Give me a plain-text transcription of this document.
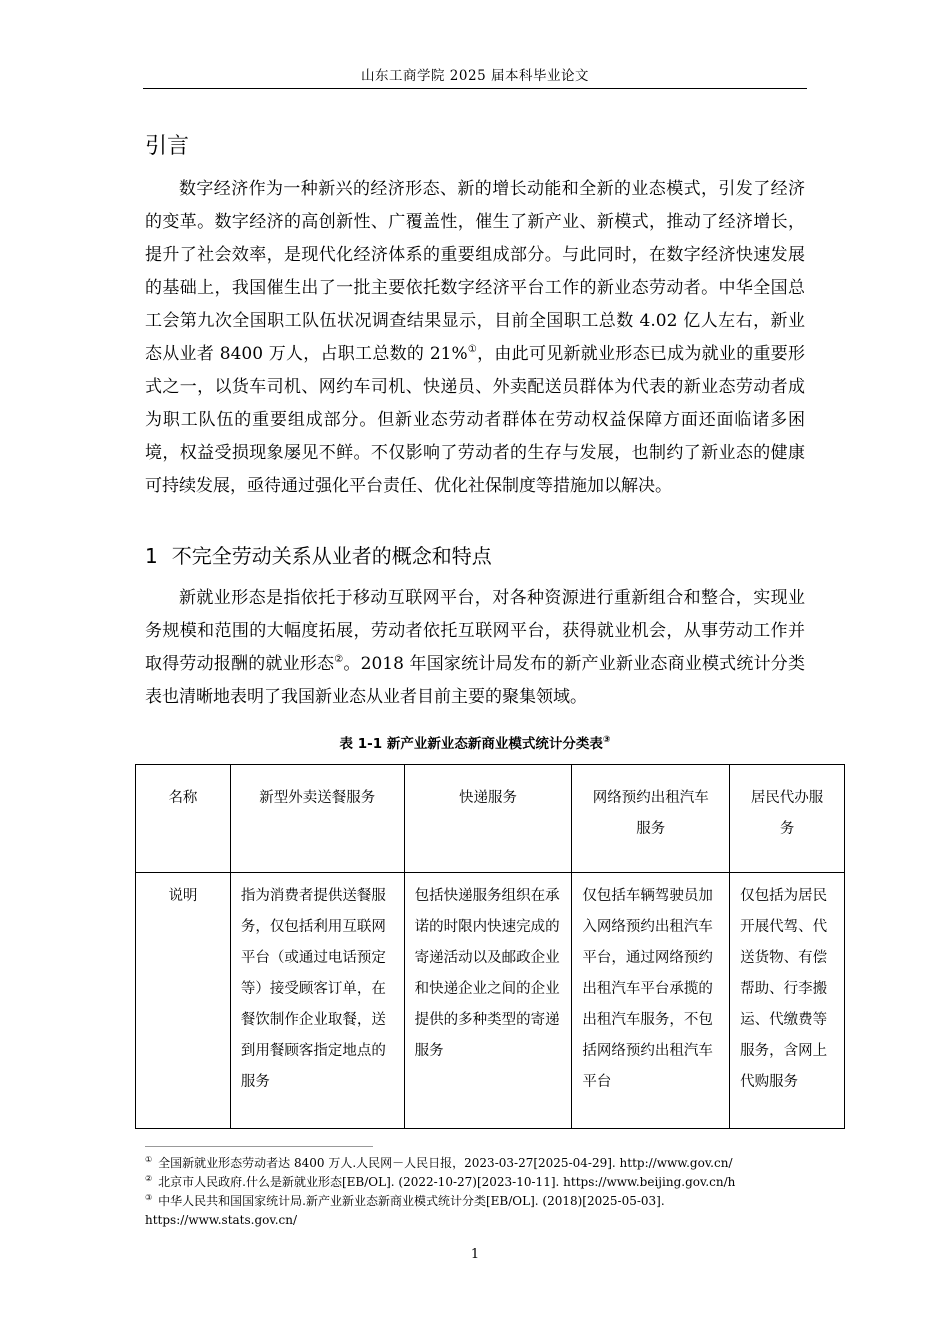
山东工商学院 2025 届本科毕业论文
引言
数字经济作为一种新兴的经济形态、新的增长动能和全新的业态模式，引发了经济的变革。数字经济的高创新性、广覆盖性，催生了新产业、新模式，推动了经济增长，提升了社会效率，是现代化经济体系的重要组成部分。与此同时，在数字经济快速发展的基础上，我国催生出了一批主要依托数字经济平台工作的新业态劳动者。中华全国总工会第九次全国职工队伍状况调查结果显示，目前全国职工总数 4.02 亿人左右，新业态从业者 8400 万人，占职工总数的 21%①，由此可见新就业形态已成为就业的重要形式之一，以货车司机、网约车司机、快递员、外卖配送员群体为代表的新业态劳动者成为职工队伍的重要组成部分。但新业态劳动者群体在劳动权益保障方面还面临诸多困境，权益受损现象屡见不鲜。不仅影响了劳动者的生存与发展，也制约了新业态的健康可持续发展，亟待通过强化平台责任、优化社保制度等措施加以解决。
1 不完全劳动关系从业者的概念和特点
新就业形态是指依托于移动互联网平台，对各种资源进行重新组合和整合，实现业务规模和范围的大幅度拓展，劳动者依托互联网平台，获得就业机会，从事劳动工作并取得劳动报酬的就业形态②。2018 年国家统计局发布的新产业新业态商业模式统计分类表也清晰地表明了我国新业态从业者目前主要的聚集领域。
表 1-1 新产业新业态新商业模式统计分类表③
名称	新型外卖送餐服务	快递服务	网络预约出租汽车服务	居民代办服务

说明	指为消费者提供送餐服务，仅包括利用互联网平台（或通过电话预定等）接受顾客订单，在餐饮制作企业取餐，送到用餐顾客指定地点的服务	包括快递服务组织在承诺的时限内快速完成的寄递活动以及邮政企业和快递企业之间的企业提供的多种类型的寄递服务	仅包括车辆驾驶员加入网络预约出租汽车平台，通过网络预约出租汽车平台承揽的出租汽车服务，不包括网络预约出租汽车平台	仅包括为居民开展代驾、代送货物、有偿帮助、行李搬运、代缴费等服务，含网上代购服务
① 全国新就业形态劳动者达 8400 万人.人民网－人民日报，2023-03-27[2025-04-29]. http://www.gov.cn/
② 北京市人民政府.什么是新就业形态[EB/OL]. (2022-10-27)[2023-10-11]. https://www.beijing.gov.cn/h
③ 中华人民共和国国家统计局.新产业新业态新商业模式统计分类[EB/OL]. (2018)[2025-05-03]. https://www.stats.gov.cn/
1
